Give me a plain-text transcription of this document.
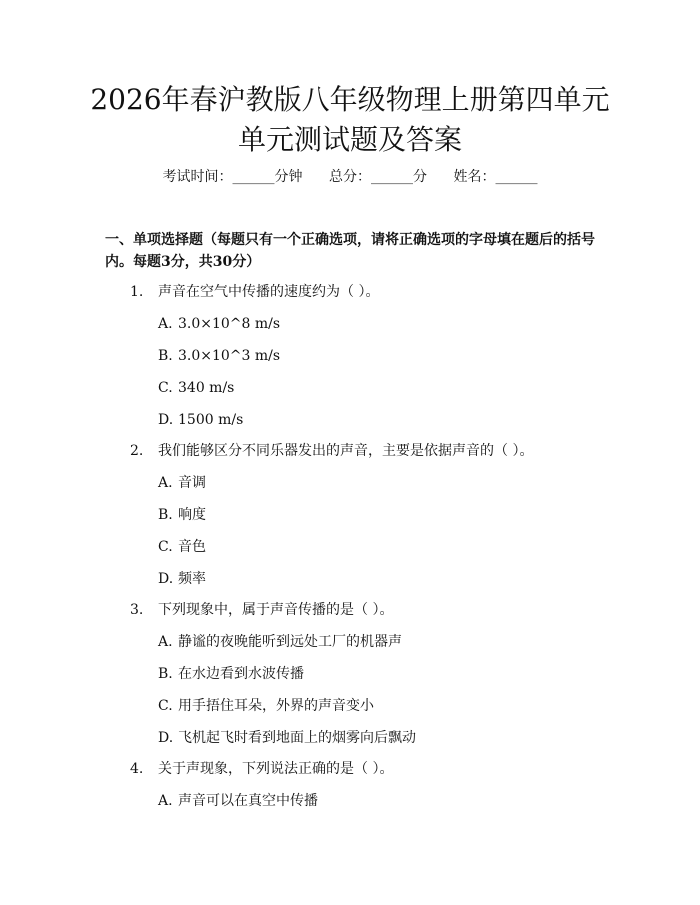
2026年春沪教版八年级物理上册第四单元单元测试题及答案
考试时间：______分钟 总分：______分 姓名：______

一、单项选择题（每题只有一个正确选项，请将正确选项的字母填在题后的括号内。每题3分，共30分）

1. 声音在空气中传播的速度约为（ ）。
A. 3.0×10^8 m/s
B. 3.0×10^3 m/s
C. 340 m/s
D. 1500 m/s
2. 我们能够区分不同乐器发出的声音，主要是依据声音的（ ）。
A. 音调
B. 响度
C. 音色
D. 频率
3. 下列现象中，属于声音传播的是（ ）。
A. 静谧的夜晚能听到远处工厂的机器声
B. 在水边看到水波传播
C. 用手捂住耳朵，外界的声音变小
D. 飞机起飞时看到地面上的烟雾向后飘动
4. 关于声现象，下列说法正确的是（ ）。
A. 声音可以在真空中传播
